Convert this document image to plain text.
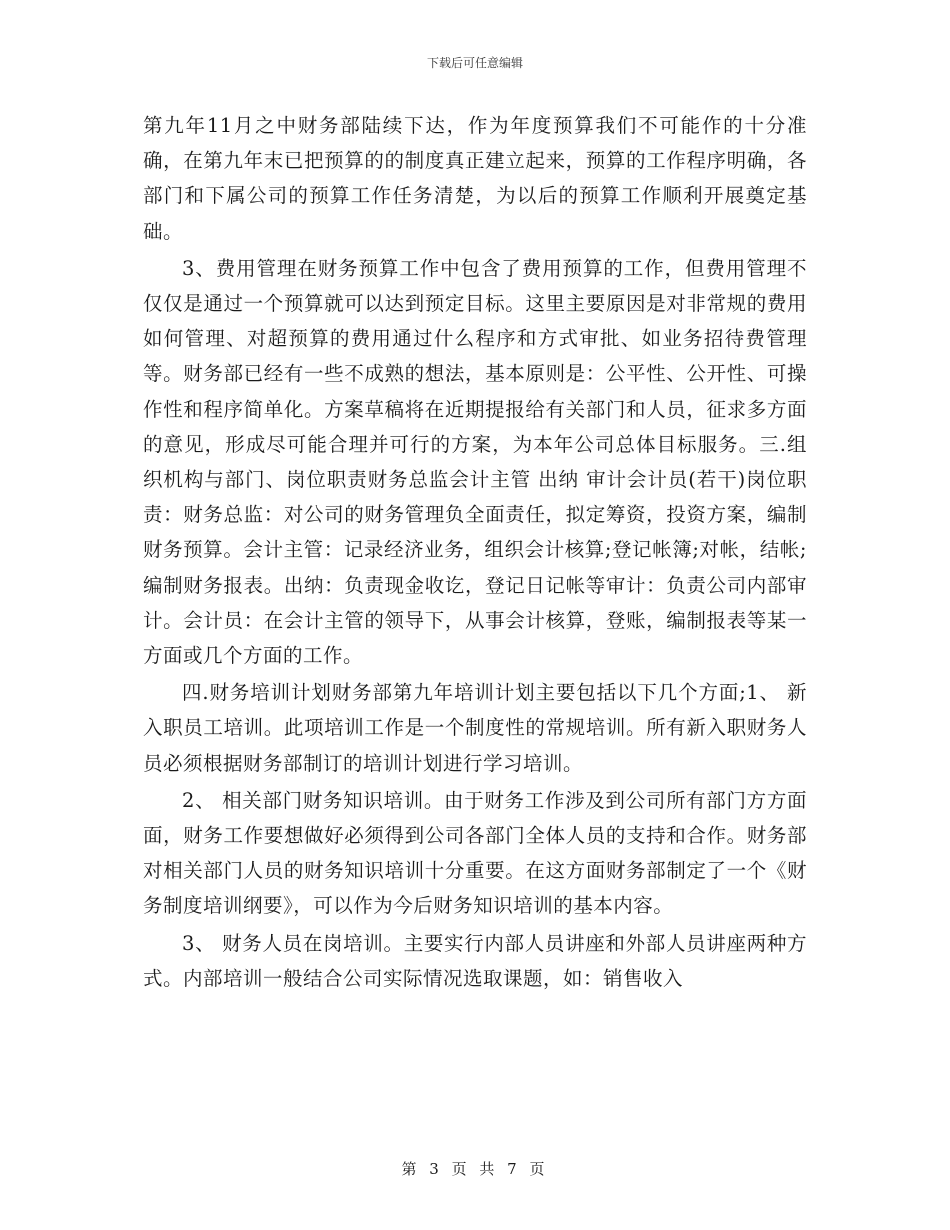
下载后可任意编辑

第九年11月之中财务部陆续下达，作为年度预算我们不可能作的十分准确，在第九年末已把预算的的制度真正建立起来，预算的工作程序明确，各部门和下属公司的预算工作任务清楚，为以后的预算工作顺利开展奠定基础。

3、费用管理在财务预算工作中包含了费用预算的工作，但费用管理不仅仅是通过一个预算就可以达到预定目标。这里主要原因是对非常规的费用如何管理、对超预算的费用通过什么程序和方式审批、如业务招待费管理等。财务部已经有一些不成熟的想法，基本原则是：公平性、公开性、可操作性和程序简单化。方案草稿将在近期提报给有关部门和人员，征求多方面的意见，形成尽可能合理并可行的方案，为本年公司总体目标服务。三.组织机构与部门、岗位职责财务总监会计主管 出纳 审计会计员(若干)岗位职责：财务总监：对公司的财务管理负全面责任，拟定筹资，投资方案，编制财务预算。会计主管：记录经济业务，组织会计核算;登记帐簿;对帐，结帐;编制财务报表。出纳：负责现金收讫，登记日记帐等审计：负责公司内部审计。会计员：在会计主管的领导下，从事会计核算，登账，编制报表等某一方面或几个方面的工作。

四.财务培训计划财务部第九年培训计划主要包括以下几个方面;1、 新入职员工培训。此项培训工作是一个制度性的常规培训。所有新入职财务人员必须根据财务部制订的培训计划进行学习培训。

2、 相关部门财务知识培训。由于财务工作涉及到公司所有部门方方面面，财务工作要想做好必须得到公司各部门全体人员的支持和合作。财务部对相关部门人员的财务知识培训十分重要。在这方面财务部制定了一个《财务制度培训纲要》，可以作为今后财务知识培训的基本内容。

3、 财务人员在岗培训。主要实行内部人员讲座和外部人员讲座两种方式。内部培训一般结合公司实际情况选取课题，如：销售收入

第 3 页 共 7 页
